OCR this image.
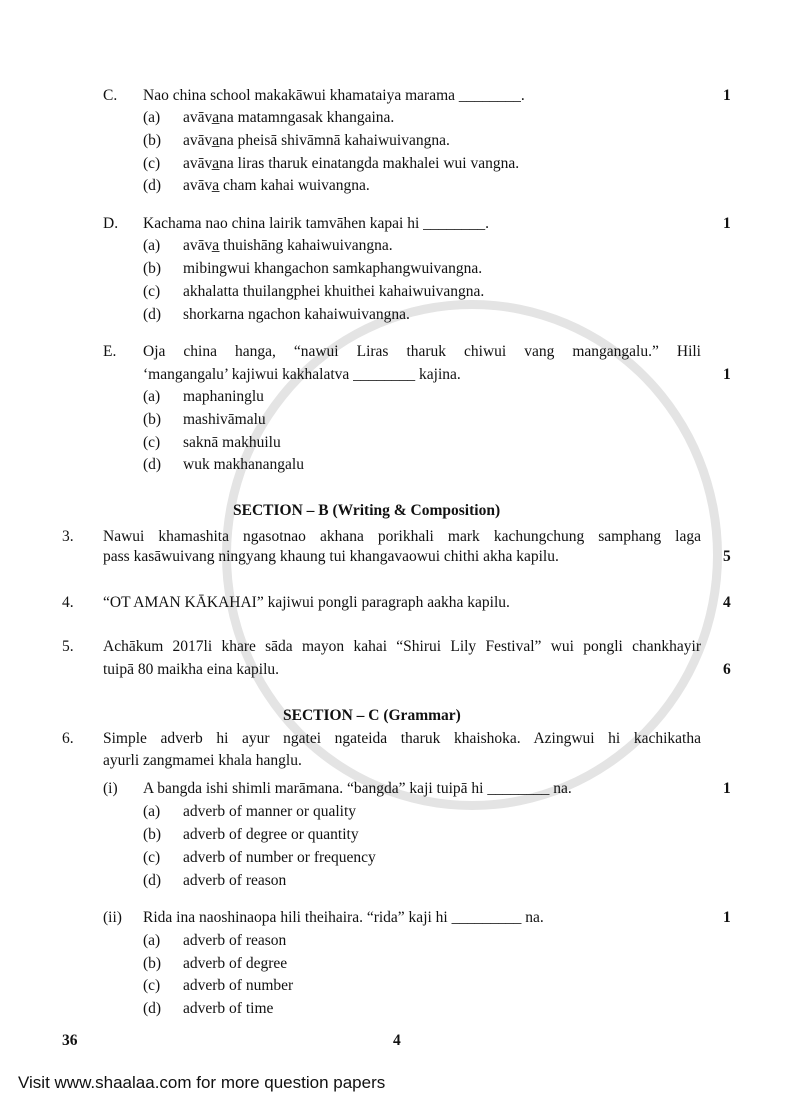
C. Nao china school makakāwui khamataiya marama ________.	1
(a) avāva̲na matamngasak khangaina.
(b) avāva̲na pheisā shivāmnā kahaiwuivangna.
(c) avāva̲na liras tharuk einatangda makhalei wui vangna.
(d) avāva̲ cham kahai wuivangna.
D. Kachama nao china lairik tamvāhen kapai hi ________.	1
(a) avāva̲ thuishāng kahaiwuivangna.
(b) mibingwui khangachon samkaphangwuivangna.
(c) akhalatta thuilangphei khuithei kahaiwuivangna.
(d) shorkarna ngachon kahaiwuivangna.
E. Oja china hanga, “nawui Liras tharuk chiwui vang mangangalu.” Hili
‘mangangalu’ kajiwui kakhalatva ________ kajina.	1
(a) maphaninglu
(b) mashivāmalu
(c) saknā makhuilu
(d) wuk makhanangalu
SECTION – B (Writing & Composition)
3. Nawui khamashita ngasotnao akhana porikhali mark kachungchung samphang laga
pass kasāwuivang ningyang khaung tui khangavaowui chithi akha kapilu.	5
4. “OT AMAN KĀKAHAI” kajiwui pongli paragraph aakha kapilu.	4
5. Achākum 2017li khare sāda mayon kahai “Shirui Lily Festival” wui pongli chankhayir
tuipā 80 maikha eina kapilu.	6
SECTION – C (Grammar)
6. Simple adverb hi ayur ngatei ngateida tharuk khaishoka. Azingwui hi kachikatha
ayurli zangmamei khala hanglu.
(i) A bangda ishi shimli marāmana. “bangda” kaji tuipā hi ________ na.	1
(a) adverb of manner or quality
(b) adverb of degree or quantity
(c) adverb of number or frequency
(d) adverb of reason
(ii) Rida ina naoshinaopa hili theihaira. “rida” kaji hi _________ na.	1
(a) adverb of reason
(b) adverb of degree
(c) adverb of number
(d) adverb of time
36	4
Visit www.shaalaa.com for more question papers
